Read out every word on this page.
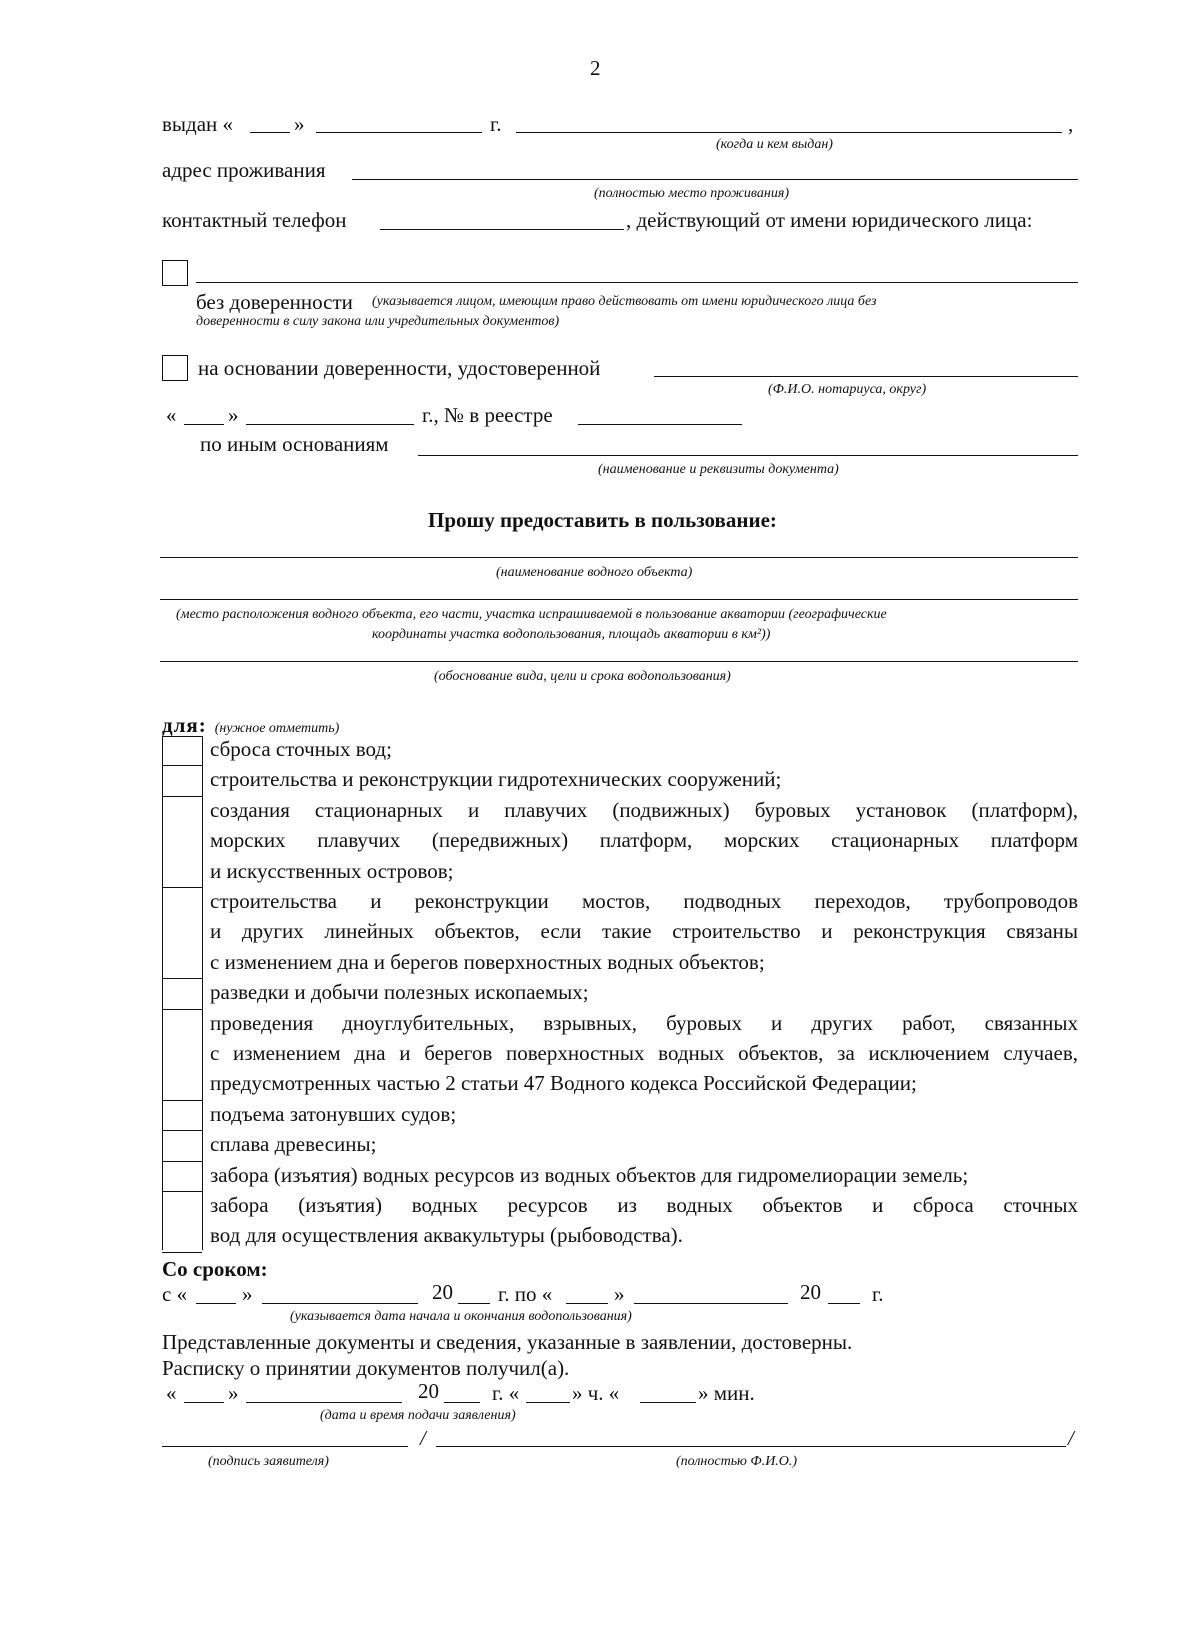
2
выдан «	»	г.	,
(когда и кем выдан)
адрес проживания
(полностью место проживания)
контактный телефон	, действующий от имени юридического лица:
без доверенности (указывается лицом, имеющим право действовать от имени юридического лица без
доверенности в силу закона или учредительных документов)
на основании доверенности, удостоверенной
(Ф.И.О. нотариуса, округ)
« »	г., № в реестре
по иным основаниям
(наименование и реквизиты документа)
Прошу предоставить в пользование:
(наименование водного объекта)
(место расположения водного объекта, его части, участка испрашиваемой в пользование акватории (географические
координаты участка водопользования, площадь акватории в км²))
(обоснование вида, цели и срока водопользования)
для: (нужное отметить)
сброса сточных вод;
строительства и реконструкции гидротехнических сооружений;
создания стационарных и плавучих (подвижных) буровых установок (платформ),
морских плавучих (передвижных) платформ, морских стационарных платформ
и искусственных островов;
строительства и реконструкции мостов, подводных переходов, трубопроводов
и других линейных объектов, если такие строительство и реконструкция связаны
с изменением дна и берегов поверхностных водных объектов;
разведки и добычи полезных ископаемых;
проведения дноуглубительных, взрывных, буровых и других работ, связанных
с изменением дна и берегов поверхностных водных объектов, за исключением случаев,
предусмотренных частью 2 статьи 47 Водного кодекса Российской Федерации;
подъема затонувших судов;
сплава древесины;
забора (изъятия) водных ресурсов из водных объектов для гидромелиорации земель;
забора (изъятия) водных ресурсов из водных объектов и сброса сточных
вод для осуществления аквакультуры (рыбоводства).
Со сроком:
с «	»	20 г. по «	»	20 г.
(указывается дата начала и окончания водопользования)
Представленные документы и сведения, указанные в заявлении, достоверны.
Расписку о принятии документов получил(а).
« »	20	г. «	» ч. «	» мин.
(дата и время подачи заявления)
/	/
(подпись заявителя)	(полностью Ф.И.О.)
